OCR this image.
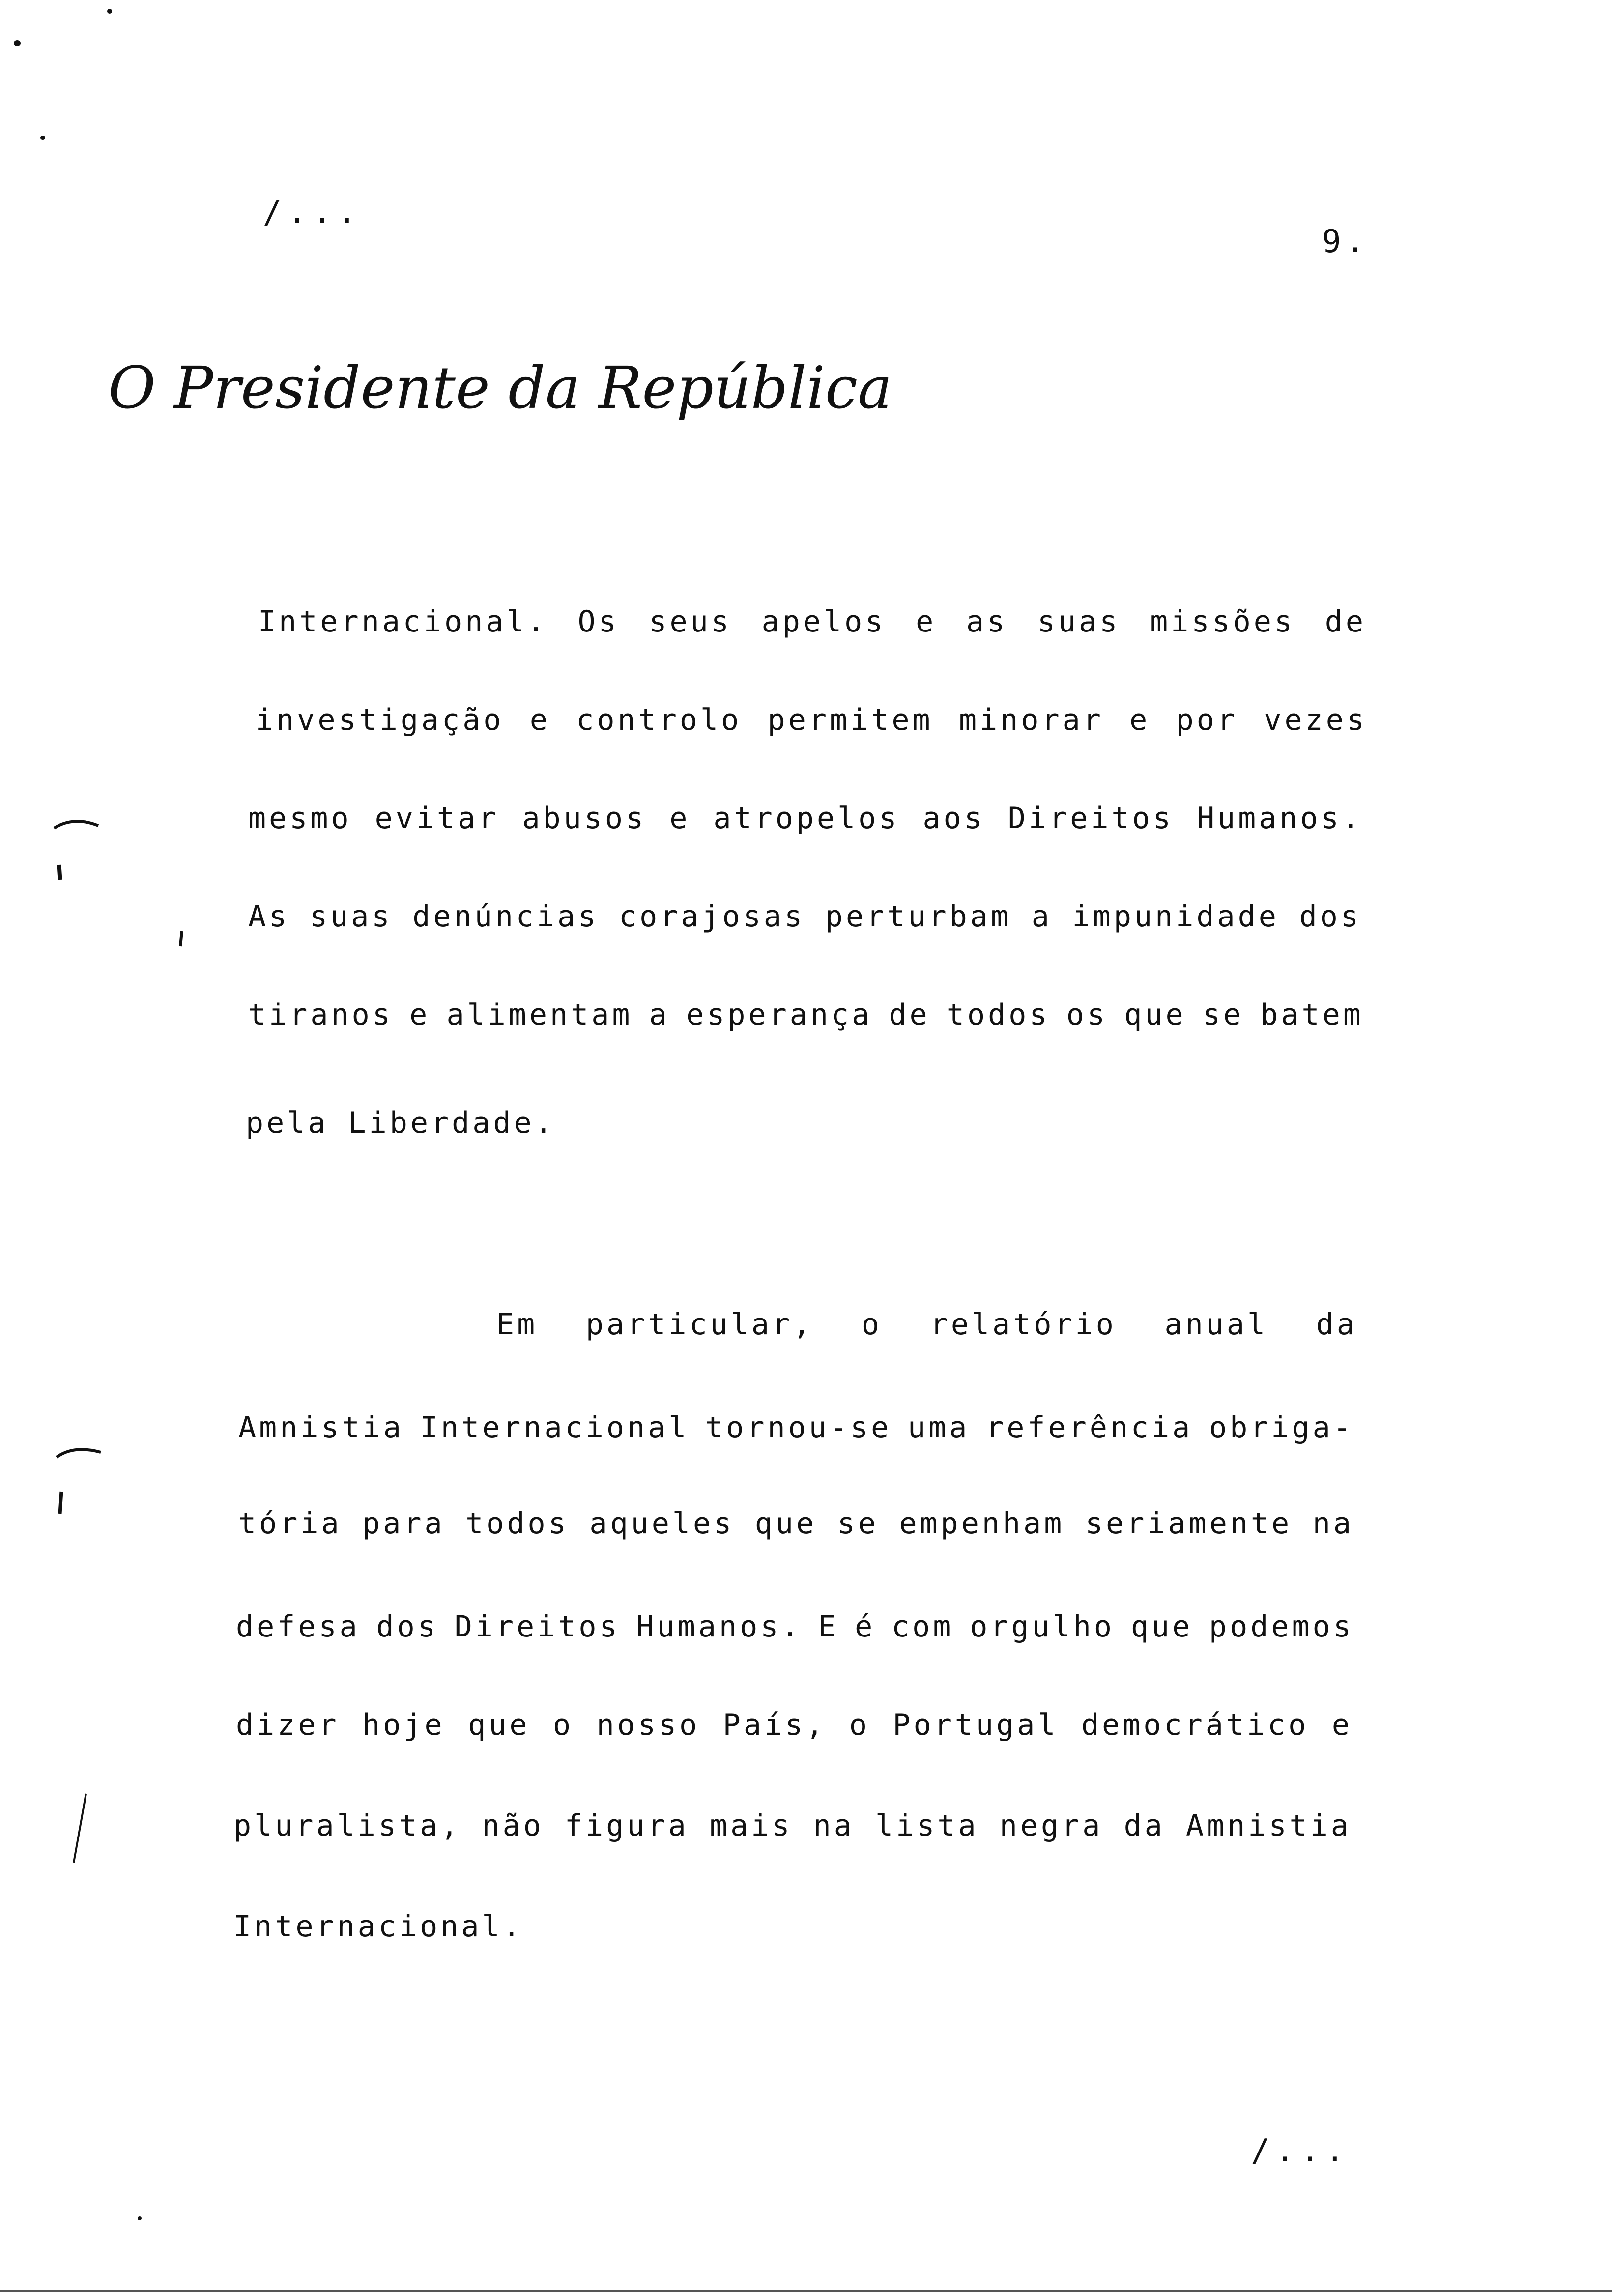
/...
9.
O Presidente da República
Internacional. Os seus apelos e as suas missões de
investigação e controlo permitem minorar e por vezes
mesmo evitar abusos e atropelos aos Direitos Humanos.
As suas denúncias corajosas perturbam a impunidade dos
tiranos e alimentam a esperança de todos os que se batem
pela Liberdade.
Em particular, o relatório anual da
Amnistia Internacional tornou-se uma referência obriga-
tória para todos aqueles que se empenham seriamente na
defesa dos Direitos Humanos. E é com orgulho que podemos
dizer hoje que o nosso País, o Portugal democrático e
pluralista, não figura mais na lista negra da Amnistia
Internacional.
/...
